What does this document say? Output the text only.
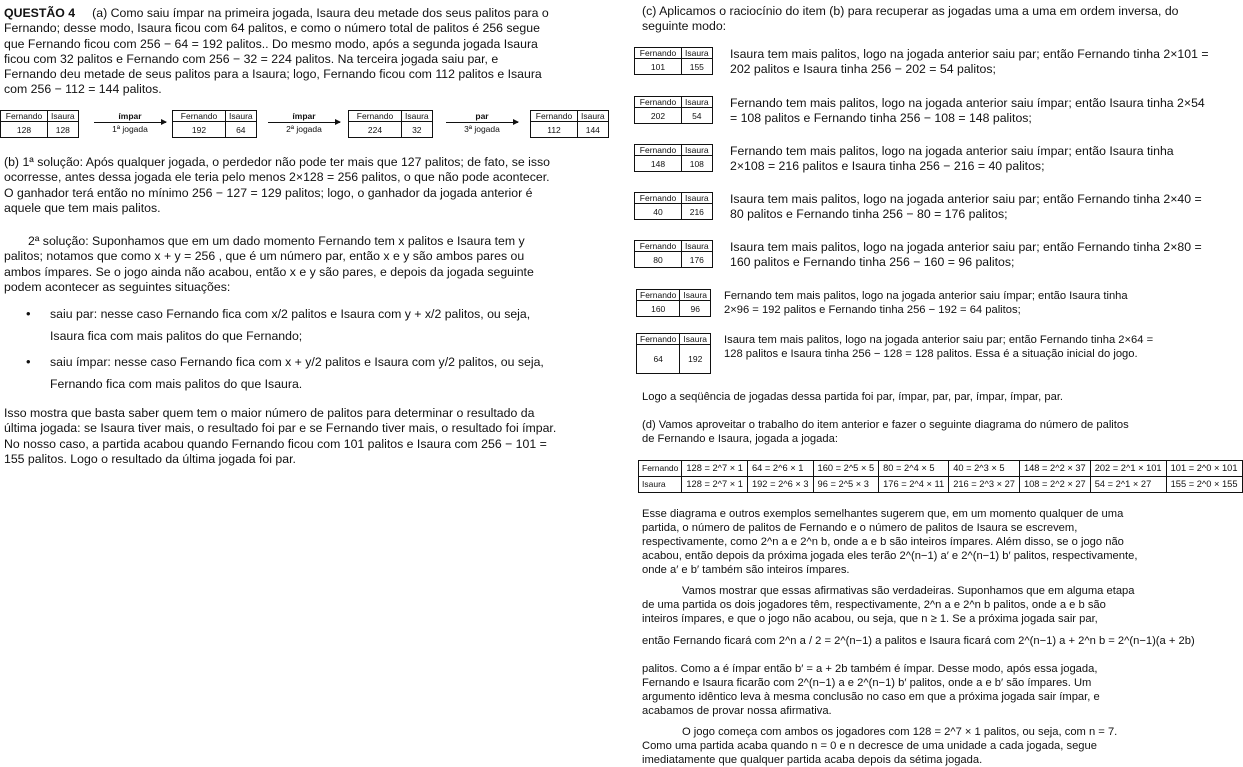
QUESTÃO 4 (a) Como saiu ímpar na primeira jogada, Isaura deu metade dos seus palitos para o Fernando; desse modo, Isaura ficou com 64 palitos, e como o número total de palitos é 256 segue que Fernando ficou com 256 − 64 = 192 palitos.. Do mesmo modo, após a segunda jogada Isaura ficou com 32 palitos e Fernando com 256 − 32 = 224 palitos. Na terceira jogada saiu par, e Fernando deu metade de seus palitos para a Isaura; logo, Fernando ficou com 112 palitos e Isaura com 256 − 112 = 144 palitos.

Fernando	Isaura
128	128
ímpar
1ª jogada
Fernando	Isaura
192	64
ímpar
2ª jogada
Fernando	Isaura
224	32
par
3ª jogada
Fernando	Isaura
112	144

(b) 1ª solução: Após qualquer jogada, o perdedor não pode ter mais que 127 palitos; de fato, se isso ocorresse, antes dessa jogada ele teria pelo menos 2×128 = 256 palitos, o que não pode acontecer. O ganhador terá então no mínimo 256 − 127 = 129 palitos; logo, o ganhador da jogada anterior é aquele que tem mais palitos.

2ª solução: Suponhamos que em um dado momento Fernando tem x palitos e Isaura tem y palitos; notamos que como x + y = 256 , que é um número par, então x e y são ambos pares ou ambos ímpares. Se o jogo ainda não acabou, então x e y são pares, e depois da jogada seguinte podem acontecer as seguintes situações:

• saiu par: nesse caso Fernando fica com x/2 palitos e Isaura com y + x/2 palitos, ou seja, Isaura fica com mais palitos do que Fernando;
• saiu ímpar: nesse caso Fernando fica com x + y/2 palitos e Isaura com y/2 palitos, ou seja, Fernando fica com mais palitos do que Isaura.

Isso mostra que basta saber quem tem o maior número de palitos para determinar o resultado da última jogada: se Isaura tiver mais, o resultado foi par e se Fernando tiver mais, o resultado foi ímpar. No nosso caso, a partida acabou quando Fernando ficou com 101 palitos e Isaura com 256 − 101 = 155 palitos. Logo o resultado da última jogada foi par.

(c) Aplicamos o raciocínio do item (b) para recuperar as jogadas uma a uma em ordem inversa, do seguinte modo:

Fernando	Isaura
101	155

Isaura tem mais palitos, logo na jogada anterior saiu par; então Fernando tinha 2×101 = 202 palitos e Isaura tinha 256 − 202 = 54 palitos;

Fernando	Isaura
202	54

Fernando tem mais palitos, logo na jogada anterior saiu ímpar; então Isaura tinha 2×54 = 108 palitos e Fernando tinha 256 − 108 = 148 palitos;

Fernando	Isaura
148	108

Fernando tem mais palitos, logo na jogada anterior saiu ímpar; então Isaura tinha 2×108 = 216 palitos e Isaura tinha 256 − 216 = 40 palitos;

Fernando	Isaura
40	216

Isaura tem mais palitos, logo na jogada anterior saiu par; então Fernando tinha 2×40 = 80 palitos e Fernando tinha 256 − 80 = 176 palitos;

Fernando	Isaura
80	176

Isaura tem mais palitos, logo na jogada anterior saiu par; então Fernando tinha 2×80 = 160 palitos e Fernando tinha 256 − 160 = 96 palitos;

Fernando	Isaura
160	96

Fernando tem mais palitos, logo na jogada anterior saiu ímpar; então Isaura tinha 2×96 = 192 palitos e Fernando tinha 256 − 192 = 64 palitos;

Fernando	Isaura
64	192

Isaura tem mais palitos, logo na jogada anterior saiu par; então Fernando tinha 2×64 = 128 palitos e Isaura tinha 256 − 128 = 128 palitos. Essa é a situação inicial do jogo.

Logo a seqüência de jogadas dessa partida foi par, ímpar, par, par, ímpar, ímpar, par.

(d) Vamos aproveitar o trabalho do item anterior e fazer o seguinte diagrama do número de palitos de Fernando e Isaura, jogada a jogada:

Fernando	128 = 2^7 × 1	64 = 2^6 × 1	160 = 2^5 × 5	80 = 2^4 × 5	40 = 2^3 × 5	148 = 2^2 × 37	202 = 2^1 × 101	101 = 2^0 × 101
Isaura	128 = 2^7 × 1	192 = 2^6 × 3	96 = 2^5 × 3	176 = 2^4 × 11	216 = 2^3 × 27	108 = 2^2 × 27	54 = 2^1 × 27	155 = 2^0 × 155

Esse diagrama e outros exemplos semelhantes sugerem que, em um momento qualquer de uma partida, o número de palitos de Fernando e o número de palitos de Isaura se escrevem, respectivamente, como 2^n a e 2^n b, onde a e b são inteiros ímpares. Além disso, se o jogo não acabou, então depois da próxima jogada eles terão 2^(n−1) a′ e 2^(n−1) b′ palitos, respectivamente, onde a′ e b′ também são inteiros ímpares.

Vamos mostrar que essas afirmativas são verdadeiras. Suponhamos que em alguma etapa de uma partida os dois jogadores têm, respectivamente, 2^n a e 2^n b palitos, onde a e b são inteiros ímpares, e que o jogo não acabou, ou seja, que n ≥ 1. Se a próxima jogada sair par,

então Fernando ficará com 2^n a / 2 = 2^(n−1) a palitos e Isaura ficará com 2^(n−1) a + 2^n b = 2^(n−1)(a + 2b)

palitos. Como a é ímpar então b′ = a + 2b também é ímpar. Desse modo, após essa jogada, Fernando e Isaura ficarão com 2^(n−1) a e 2^(n−1) b′ palitos, onde a e b′ são ímpares. Um argumento idêntico leva à mesma conclusão no caso em que a próxima jogada sair ímpar, e acabamos de provar nossa afirmativa.

O jogo começa com ambos os jogadores com 128 = 2^7 × 1 palitos, ou seja, com n = 7. Como uma partida acaba quando n = 0 e n decresce de uma unidade a cada jogada, segue imediatamente que qualquer partida acaba depois da sétima jogada.
